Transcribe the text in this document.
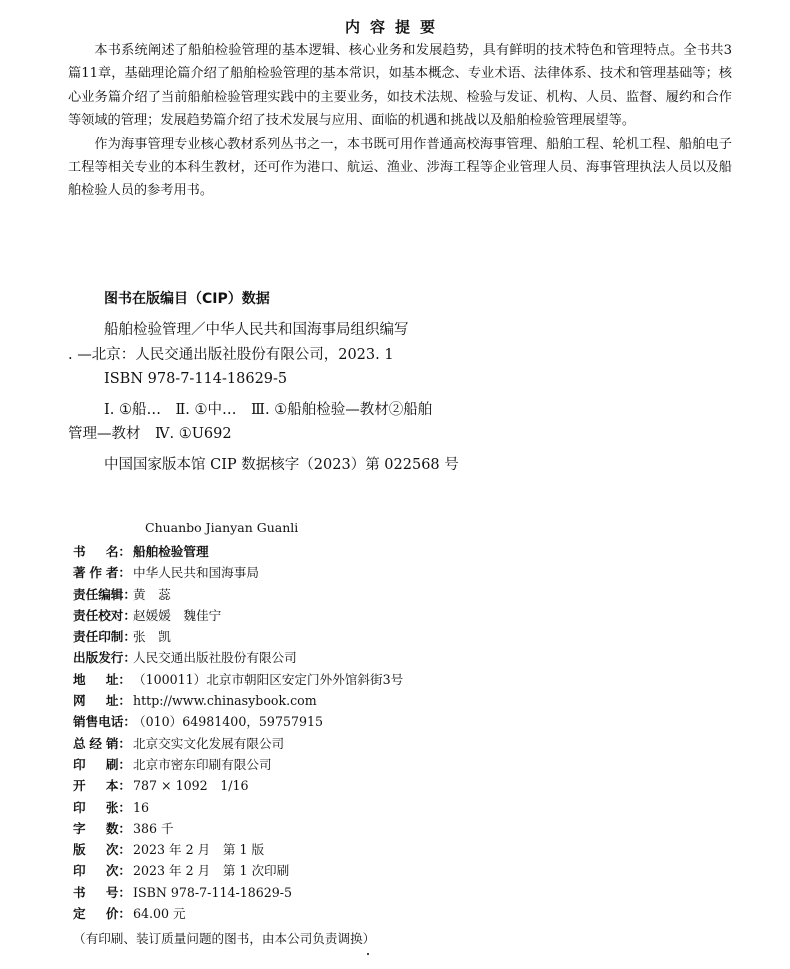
内容提要

本书系统阐述了船舶检验管理的基本逻辑、核心业务和发展趋势，具有鲜明的技术特色和管理特点。全书共3篇11章，基础理论篇介绍了船舶检验管理的基本常识，如基本概念、专业术语、法律体系、技术和管理基础等；核心业务篇介绍了当前船舶检验管理实践中的主要业务，如技术法规、检验与发证、机构、人员、监督、履约和合作等领域的管理；发展趋势篇介绍了技术发展与应用、面临的机遇和挑战以及船舶检验管理展望等。

作为海事管理专业核心教材系列丛书之一，本书既可用作普通高校海事管理、船舶工程、轮机工程、船舶电子工程等相关专业的本科生教材，还可作为港口、航运、渔业、涉海工程等企业管理人员、海事管理执法人员以及船舶检验人员的参考用书。

图书在版编目（CIP）数据
船舶检验管理／中华人民共和国海事局组织编写
. —北京：人民交通出版社股份有限公司，2023. 1
ISBN 978-7-114-18629-5
Ⅰ. ①船…　Ⅱ. ①中…　Ⅲ. ①船舶检验—教材②船舶
管理—教材　Ⅳ. ①U692
中国国家版本馆 CIP 数据核字（2023）第 022568 号
Chuanbo Jianyan Guanli
书 名： 船舶检验管理
著 作 者： 中华人民共和国海事局
责任编辑：
黄　蕊
责任校对：
赵媛媛　魏佳宁
责任印制：
张　凯
出版发行：
人民交通出版社股份有限公司
地 址： （100011）北京市朝阳区安定门外外馆斜街3号
网 址： http://www.chinasybook.com
销售电话：
（010）64981400，59757915
总 经 销： 北京交实文化发展有限公司
印 刷： 北京市密东印刷有限公司
开 本： 787 × 1092　1/16
印 张： 16
字 数： 386 千
版 次： 2023 年 2 月　第 1 版
印 次： 2023 年 2 月　第 1 次印刷
书 号： ISBN 978-7-114-18629-5
定 价： 64.00 元
（有印刷、装订质量问题的图书，由本公司负责调换）
